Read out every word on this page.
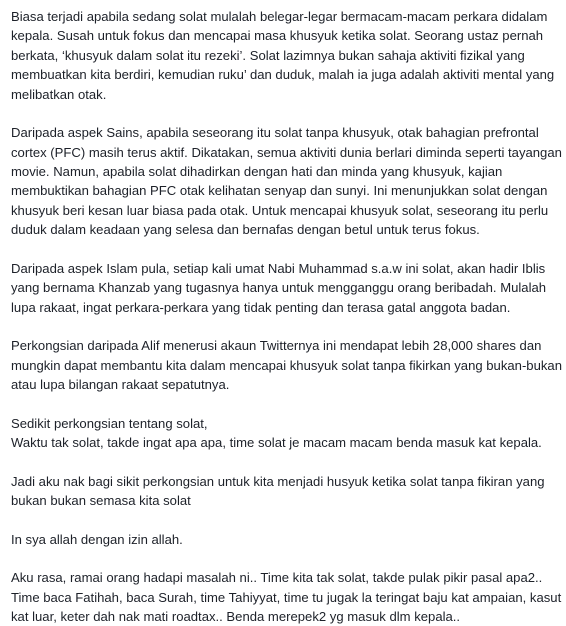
Biasa terjadi apabila sedang solat mulalah belegar-legar bermacam-macam perkara didalam
kepala. Susah untuk fokus dan mencapai masa khusyuk ketika solat. Seorang ustaz pernah
berkata, ‘khusyuk dalam solat itu rezeki’. Solat lazimnya bukan sahaja aktiviti fizikal yang
membuatkan kita berdiri, kemudian ruku’ dan duduk, malah ia juga adalah aktiviti mental yang
melibatkan otak.
Daripada aspek Sains, apabila seseorang itu solat tanpa khusyuk, otak bahagian prefrontal
cortex (PFC) masih terus aktif. Dikatakan, semua aktiviti dunia berlari diminda seperti tayangan
movie. Namun, apabila solat dihadirkan dengan hati dan minda yang khusyuk, kajian
membuktikan bahagian PFC otak kelihatan senyap dan sunyi. Ini menunjukkan solat dengan
khusyuk beri kesan luar biasa pada otak. Untuk mencapai khusyuk solat, seseorang itu perlu
duduk dalam keadaan yang selesa dan bernafas dengan betul untuk terus fokus.
Daripada aspek Islam pula, setiap kali umat Nabi Muhammad s.a.w ini solat, akan hadir Iblis
yang bernama Khanzab yang tugasnya hanya untuk mengganggu orang beribadah. Mulalah
lupa rakaat, ingat perkara-perkara yang tidak penting dan terasa gatal anggota badan.
Perkongsian daripada Alif menerusi akaun Twitternya ini mendapat lebih 28,000 shares dan
mungkin dapat membantu kita dalam mencapai khusyuk solat tanpa fikirkan yang bukan-bukan
atau lupa bilangan rakaat sepatutnya.
Sedikit perkongsian tentang solat,
Waktu tak solat, takde ingat apa apa, time solat je macam macam benda masuk kat kepala.
Jadi aku nak bagi sikit perkongsian untuk kita menjadi husyuk ketika solat tanpa fikiran yang
bukan bukan semasa kita solat
In sya allah dengan izin allah.
Aku rasa, ramai orang hadapi masalah ni.. Time kita tak solat, takde pulak pikir pasal apa2..
Time baca Fatihah, baca Surah, time Tahiyyat, time tu jugak la teringat baju kat ampaian, kasut
kat luar, keter dah nak mati roadtax.. Benda merepek2 yg masuk dlm kepala..
